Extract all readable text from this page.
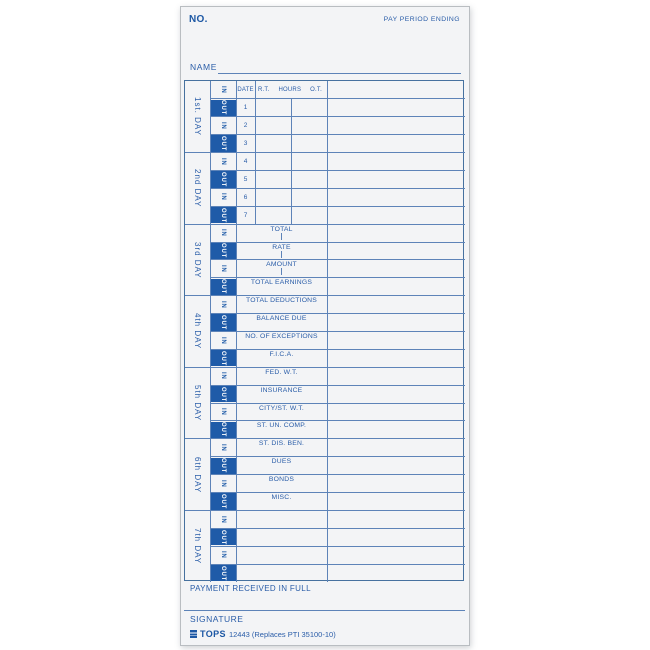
NO.	PAY PERIOD ENDING
NAME
1st. DAY
2nd DAY
3rd DAY
4th DAY
5th DAY
6th DAY
7th DAY
IN
OUT
IN
OUT
IN
OUT
IN
OUT
IN
OUT
IN
OUT
IN
OUT
IN
OUT
IN
OUT
IN
OUT
IN
OUT
IN
OUT
IN
OUT
IN
OUT
DATE R.T. HOURS O.T.
1
2
3
4
5
6
7
TOTAL
RATE
AMOUNT
TOTAL EARNINGS
TOTAL DEDUCTIONS
BALANCE DUE
NO. OF EXCEPTIONS
F.I.C.A.
FED. W.T.
INSURANCE
CITY/ST. W.T.
ST. UN. COMP.
ST. DIS. BEN.
DUES
BONDS
MISC.
PAYMENT RECEIVED IN FULL
SIGNATURE
TOPS 12443 (Replaces PTI 35100-10)
